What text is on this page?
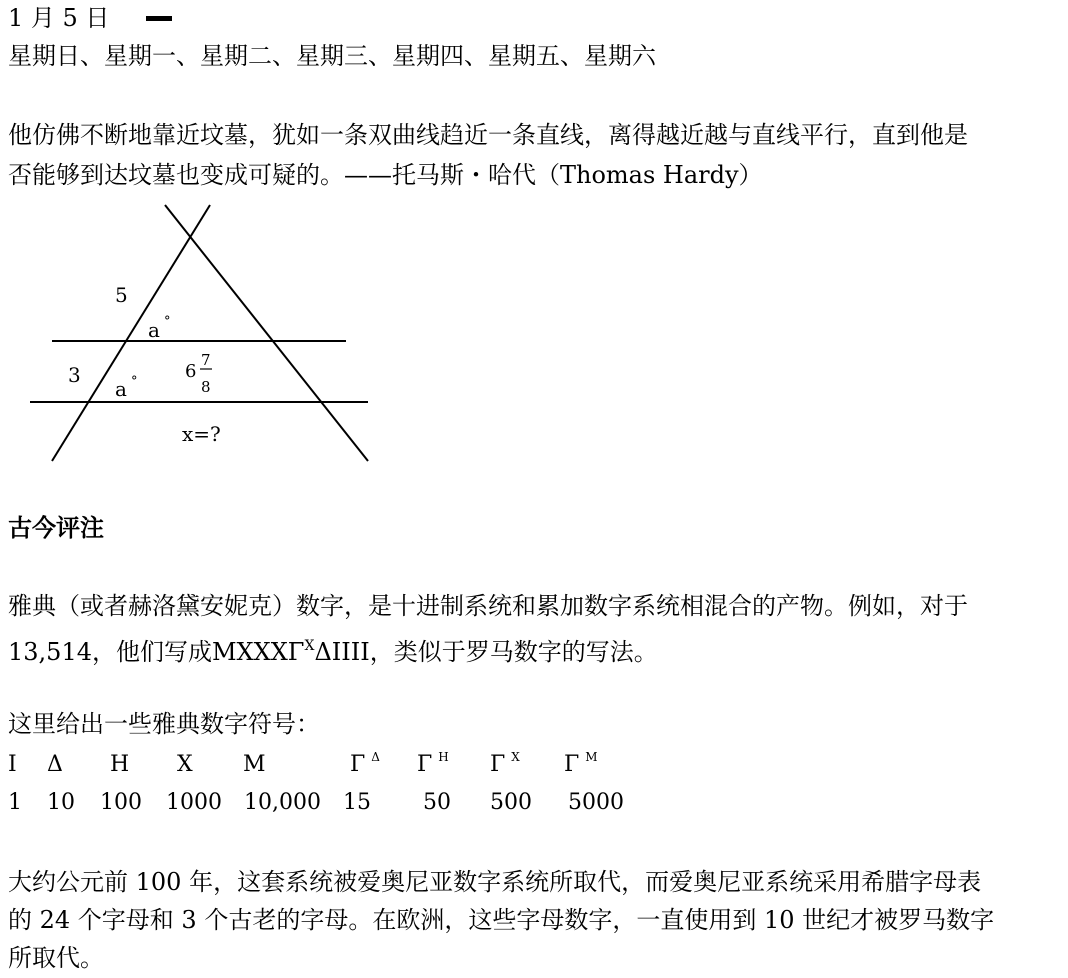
1 月 5 日
星期日、星期一、星期二、星期三、星期四、星期五、星期六
他仿佛不断地靠近坟墓，犹如一条双曲线趋近一条直线，离得越近越与直线平行，直到他是
否能够到达坟墓也变成可疑的。——托马斯・哈代（Thomas Hardy）
5
3
a °
a °	6
7
8
x=?
古今评注
雅典（或者赫洛黛安妮克）数字，是十进制系统和累加数字系统相混合的产物。例如，对于
13,514，他们写成$MXXX\Gamma^X\Delta IIII$，类似于罗马数字的写法。
这里给出一些雅典数字符号：
I Δ H X M	Γ $^\Delta$ Γ $^H$ Γ $^X$ Γ $^M$
1 10 100 1000 10,000 15 50 500 5000
大约公元前 100 年，这套系统被爱奥尼亚数字系统所取代，而爱奥尼亚系统采用希腊字母表
的 24 个字母和 3 个古老的字母。在欧洲，这些字母数字，一直使用到 10 世纪才被罗马数字
所取代。
